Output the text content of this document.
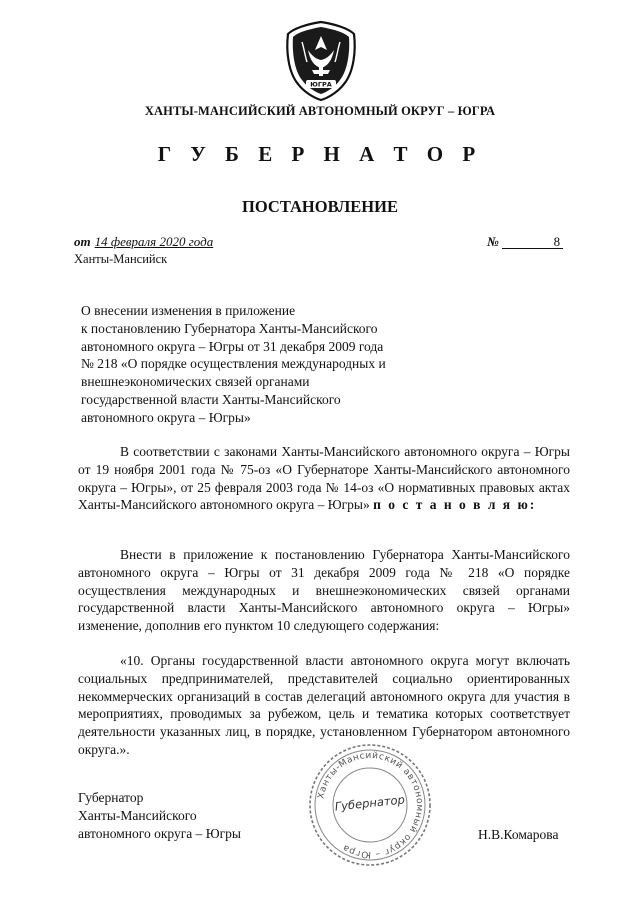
ЮГРА
ХАНТЫ-МАНСИЙСКИЙ АВТОНОМНЫЙ ОКРУГ – ЮГРА
Г У Б Е Р Н А Т О Р
ПОСТАНОВЛЕНИЕ
от 14 февраля 2020 года	№	8
Ханты-Мансийск
О внесении изменения в приложение
к постановлению Губернатора Ханты-Мансийского
автономного округа – Югры от 31 декабря 2009 года
№ 218 «О порядке осуществления международных и
внешнеэкономических связей органами
государственной власти Ханты-Мансийского
автономного округа – Югры»
В соответствии с законами Ханты-Мансийского автономного округа – Югры от 19 ноября 2001 года № 75-оз «О Губернаторе Ханты-Мансийского автономного округа – Югры», от 25 февраля 2003 года № 14-оз «О нормативных правовых актах Ханты-Мансийского автономного округа – Югры» п о с т а н о в л я ю:
Внести в приложение к постановлению Губернатора Ханты-Мансийского автономного округа – Югры от 31 декабря 2009 года № 218 «О порядке осуществления международных и внешнеэкономических связей органами государственной власти Ханты-Мансийского автономного округа – Югры» изменение, дополнив его пунктом 10 следующего содержания:
«10. Органы государственной власти автономного округа могут включать социальных предпринимателей, представителей социально ориентированных некоммерческих организаций в состав делегаций автономного округа для участия в мероприятиях, проводимых за рубежом, цель и тематика которых соответствует деятельности указанных лиц, в порядке, установленном Губернатором автономного округа.».
Губернатор
Ханты-Мансийского
автономного округа – Югры
Ханты-Мансийский автономный округ – Югра
Губернатор
Н.В.Комарова
